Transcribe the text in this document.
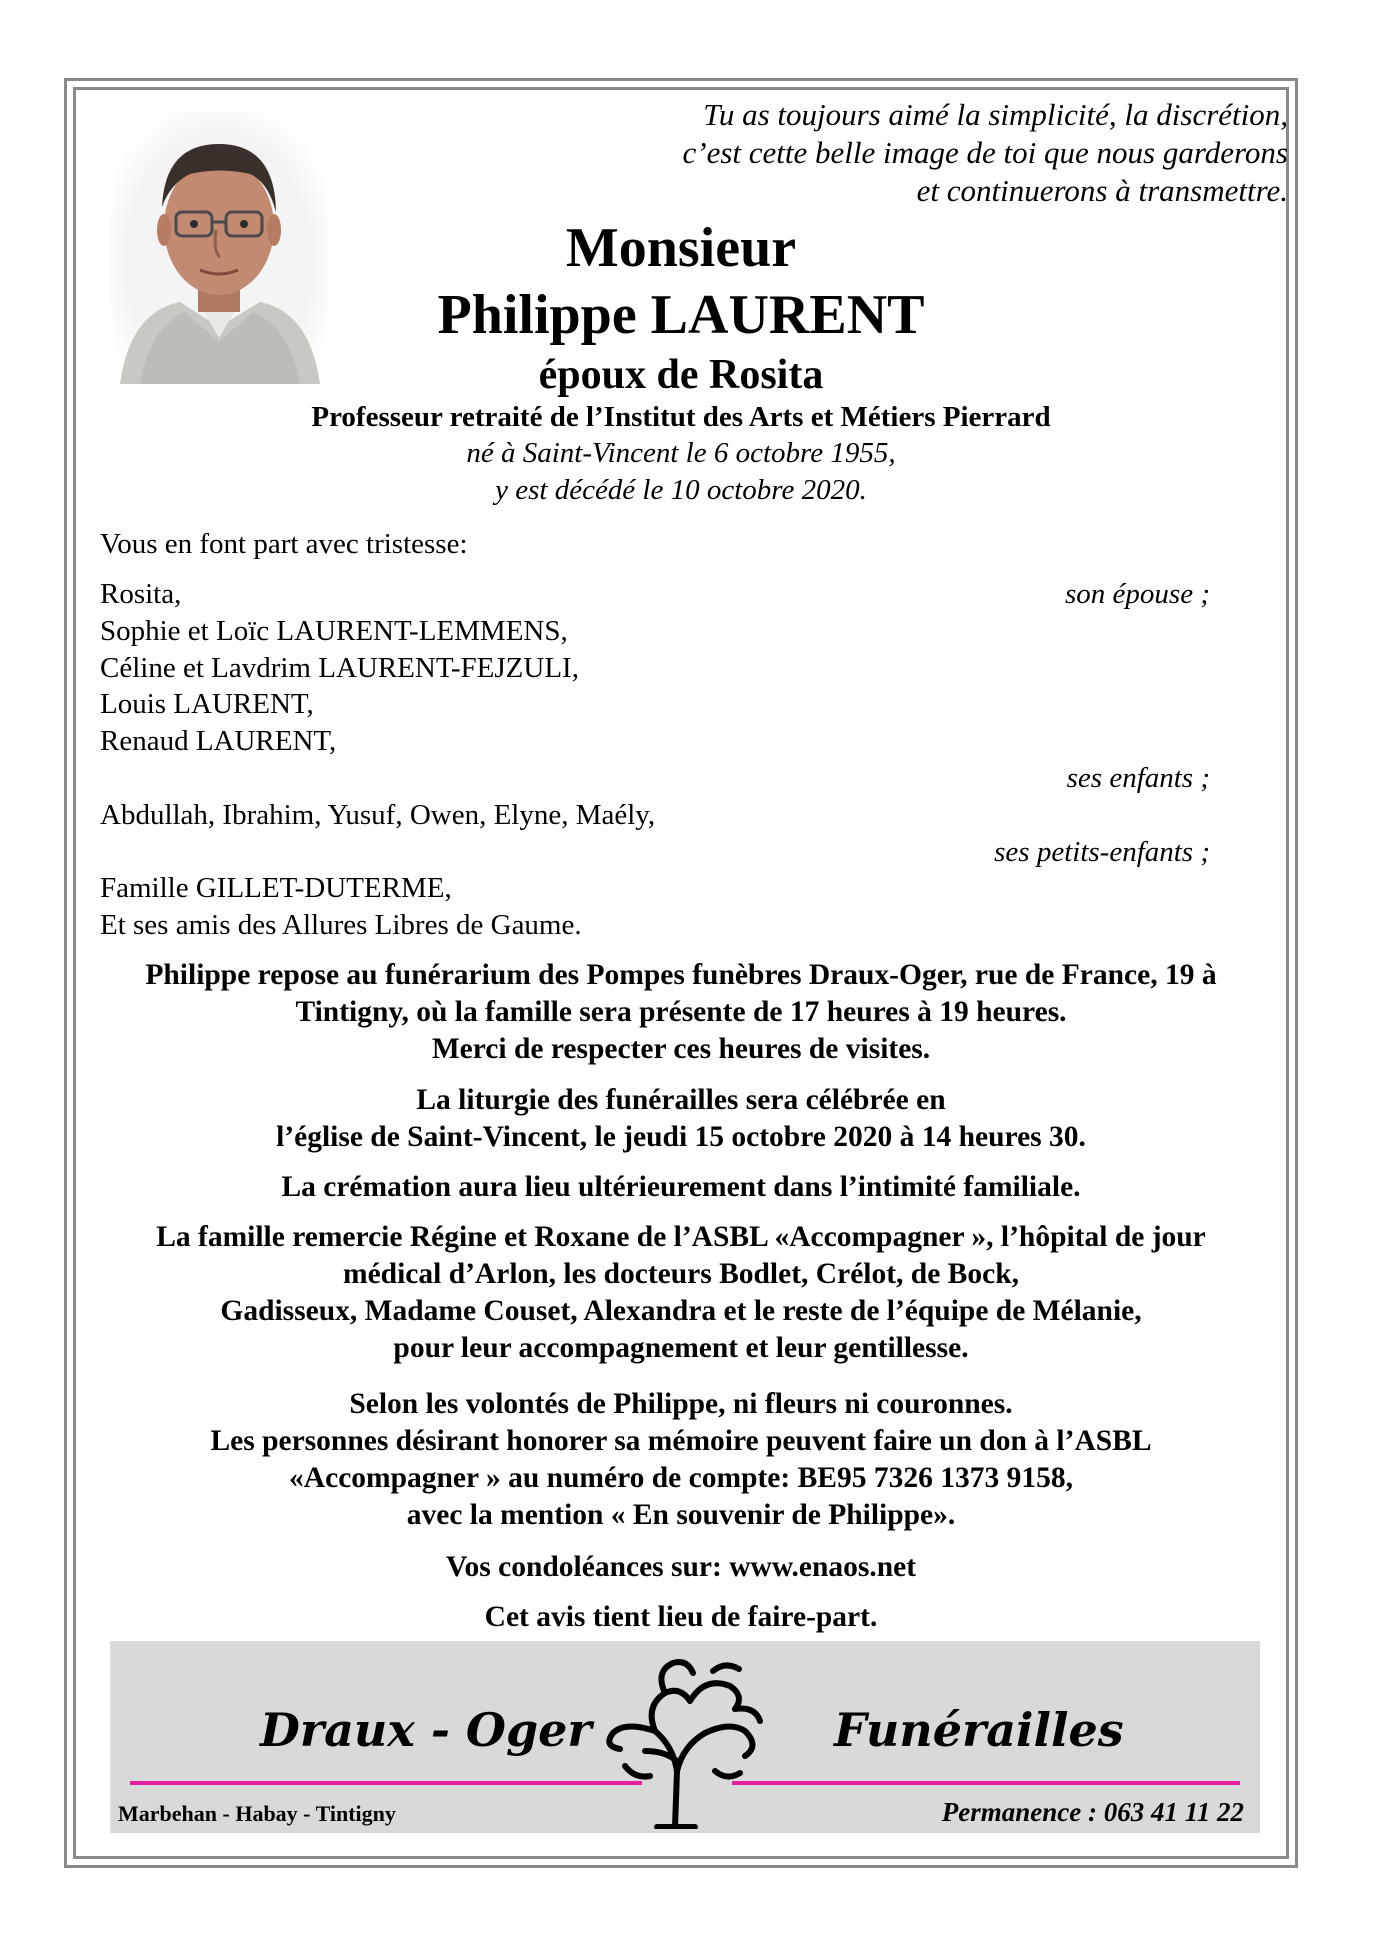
Tu as toujours aimé la simplicité, la discrétion,
c’est cette belle image de toi que nous garderons
et continuerons à transmettre.
Monsieur
Philippe LAURENT
époux de Rosita
Professeur retraité de l’Institut des Arts et Métiers Pierrard
né à Saint-Vincent le 6 octobre 1955,
y est décédé le 10 octobre 2020.
Vous en font part avec tristesse:
Rosita,	son épouse ;
Sophie et Loïc LAURENT-LEMMENS,
Céline et Lavdrim LAURENT-FEJZULI,
Louis LAURENT,
Renaud LAURENT,
ses enfants ;
Abdullah, Ibrahim, Yusuf, Owen, Elyne, Maély,
ses petits-enfants ;
Famille GILLET-DUTERME,
Et ses amis des Allures Libres de Gaume.
Philippe repose au funérarium des Pompes funèbres Draux-Oger, rue de France, 19 à
Tintigny, où la famille sera présente de 17 heures à 19 heures.
Merci de respecter ces heures de visites.
La liturgie des funérailles sera célébrée en
l’église de Saint-Vincent, le jeudi 15 octobre 2020 à 14 heures 30.
La crémation aura lieu ultérieurement dans l’intimité familiale.
La famille remercie Régine et Roxane de l’ASBL «Accompagner », l’hôpital de jour
médical d’Arlon, les docteurs Bodlet, Crélot, de Bock,
Gadisseux, Madame Couset, Alexandra et le reste de l’équipe de Mélanie,
pour leur accompagnement et leur gentillesse.
Selon les volontés de Philippe, ni fleurs ni couronnes.
Les personnes désirant honorer sa mémoire peuvent faire un don à l’ASBL
«Accompagner » au numéro de compte: BE95 7326 1373 9158,
avec la mention « En souvenir de Philippe».
Vos condoléances sur: www.enaos.net
Cet avis tient lieu de faire-part.
Draux - Oger	Funérailles
Marbehan - Habay - Tintigny	Permanence : 063 41 11 22
